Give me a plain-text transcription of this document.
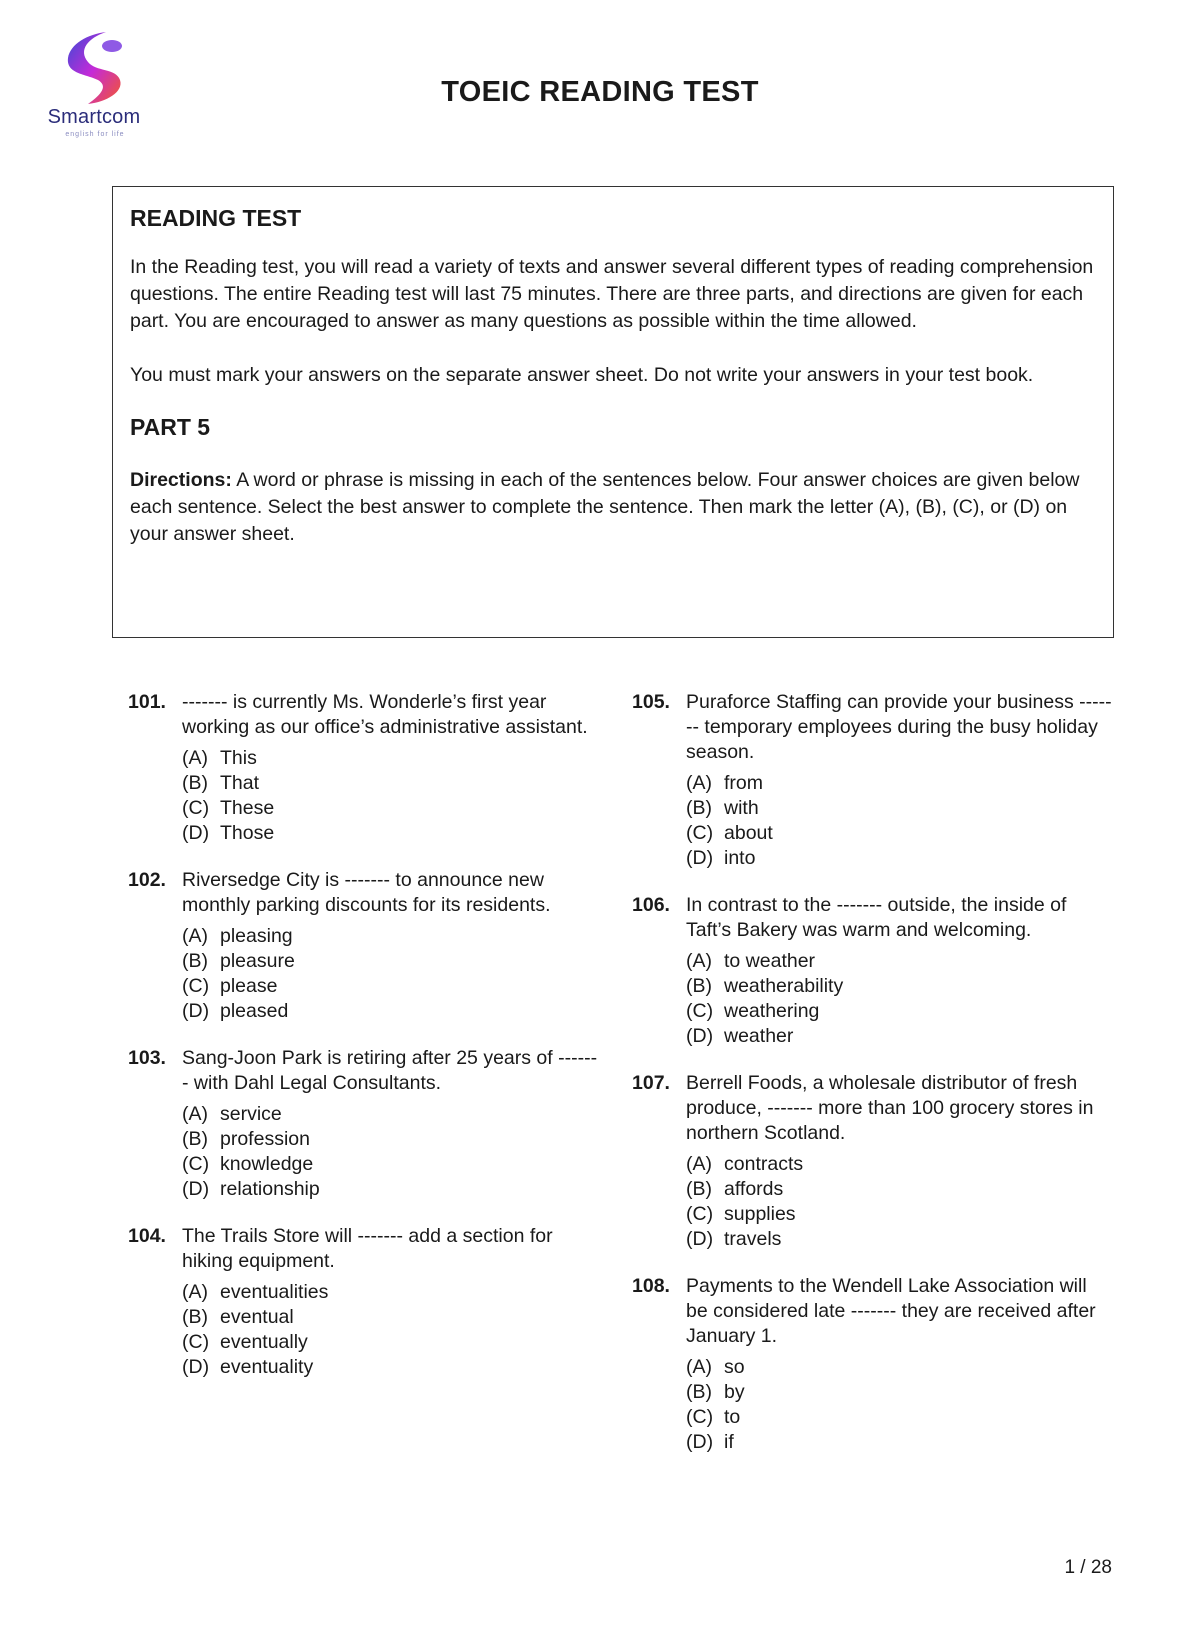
Smartcom
english for life
TOEIC READING TEST
READING TEST

In the Reading test, you will read a variety of texts and answer several different types of reading comprehension questions. The entire Reading test will last 75 minutes. There are three parts, and directions are given for each part. You are encouraged to answer as many questions as possible within the time allowed.

You must mark your answers on the separate answer sheet. Do not write your answers in your test book.

PART 5

Directions: A word or phrase is missing in each of the sentences below. Four answer choices are given below each sentence. Select the best answer to complete the sentence. Then mark the letter (A), (B), (C), or (D) on your answer sheet.

101. ------- is currently Ms. Wonderle’s first year working as our office’s administrative assistant.

(A) This

(B) That

(C) These

(D) Those

102. Riversedge City is ------- to announce new monthly parking discounts for its residents.

(A) pleasing

(B) pleasure

(C) please

(D) pleased

103. Sang-Joon Park is retiring after 25 years of ------- with Dahl Legal Consultants.

(A) service

(B) profession

(C) knowledge

(D) relationship

104. The Trails Store will ------- add a section for hiking equipment.

(A) eventualities

(B) eventual

(C) eventually

(D) eventuality

105. Puraforce Staffing can provide your business ------- temporary employees during the busy holiday season.

(A) from

(B) with

(C) about

(D) into

106. In contrast to the ------- outside, the inside of Taft’s Bakery was warm and welcoming.

(A) to weather

(B) weatherability

(C) weathering

(D) weather

107. Berrell Foods, a wholesale distributor of fresh produce, ------- more than 100 grocery stores in northern Scotland.

(A) contracts

(B) affords

(C) supplies

(D) travels

108. Payments to the Wendell Lake Association will be considered late ------- they are received after January 1.

(A) so

(B) by

(C) to

(D) if

1 / 28
